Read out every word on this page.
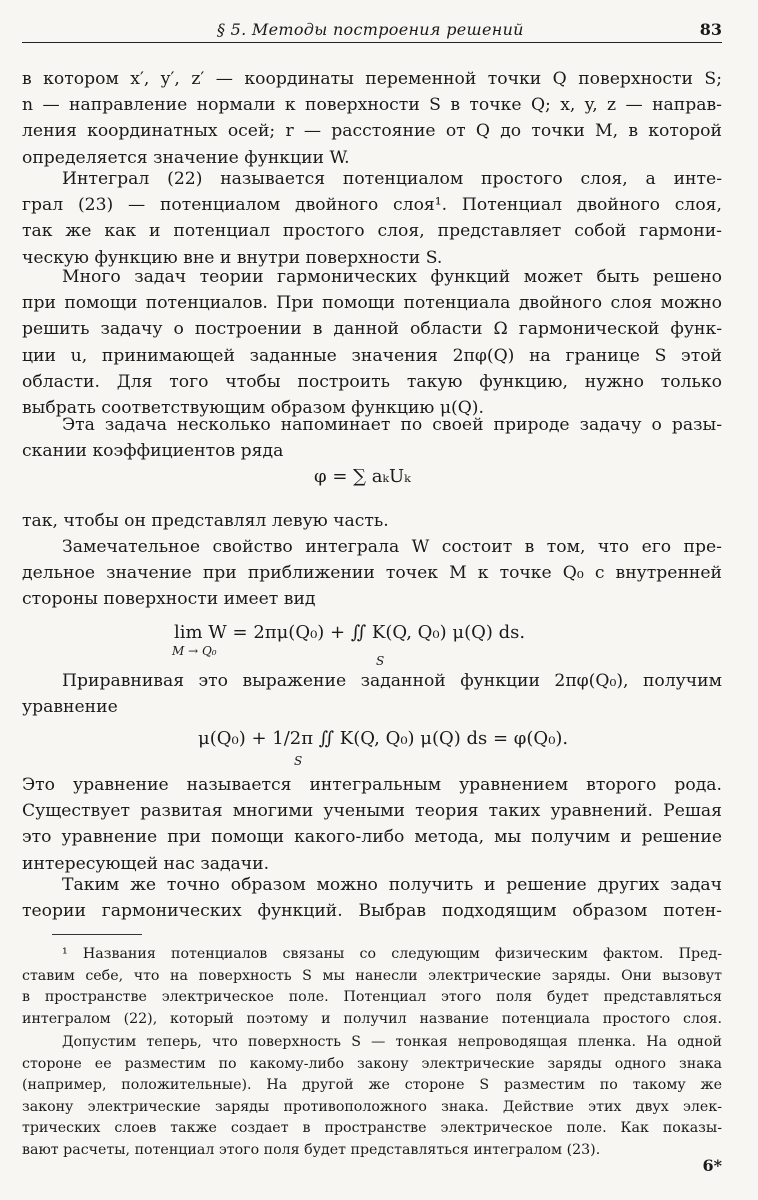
§ 5. Методы построения решений	83
в котором x′, y′, z′ — координаты переменной точки Q поверхности S;
n — направление нормали к поверхности S в точке Q; x, y, z — направ-
ления координатных осей; r — расстояние от Q до точки M, в которой
определяется значение функции W.
Интеграл (22) называется потенциалом простого слоя, а инте-
грал (23) — потенциалом двойного слоя¹. Потенциал двойного слоя,
так же как и потенциал простого слоя, представляет собой гармони-
ческую функцию вне и внутри поверхности S.
Много задач теории гармонических функций может быть решено
при помощи потенциалов. При помощи потенциала двойного слоя можно
решить задачу о построении в данной области Ω гармонической функ-
ции u, принимающей заданные значения 2πφ(Q) на границе S этой
области. Для того чтобы построить такую функцию, нужно только
выбрать соответствующим образом функцию μ(Q).
Эта задача несколько напоминает по своей природе задачу о разы-
скании коэффициентов ряда
φ = ∑ aₖUₖ
так, чтобы он представлял левую часть.
Замечательное свойство интеграла W состоит в том, что его пре-
дельное значение при приближении точек M к точке Q₀ с внутренней
стороны поверхности имеет вид
lim W = 2πμ(Q₀) + ∬ K(Q, Q₀) μ(Q) ds.
M → Q₀
S
Приравнивая это выражение заданной функции 2πφ(Q₀), получим
уравнение
μ(Q₀) + 1/2π ∬ K(Q, Q₀) μ(Q) ds = φ(Q₀).
S
Это уравнение называется интегральным уравнением второго рода.
Существует развитая многими учеными теория таких уравнений. Решая
это уравнение при помощи какого-либо метода, мы получим и решение
интересующей нас задачи.
Таким же точно образом можно получить и решение других задач
теории гармонических функций. Выбрав подходящим образом потен-
¹ Названия потенциалов связаны со следующим физическим фактом. Пред-
ставим себе, что на поверхность S мы нанесли электрические заряды. Они вызовут
в пространстве электрическое поле. Потенциал этого поля будет представляться
интегралом (22), который поэтому и получил название потенциала простого слоя.
Допустим теперь, что поверхность S — тонкая непроводящая пленка. На одной
стороне ее разместим по какому-либо закону электрические заряды одного знака
(например, положительные). На другой же стороне S разместим по такому же
закону электрические заряды противоположного знака. Действие этих двух элек-
трических слоев также создает в пространстве электрическое поле. Как показы-
вают расчеты, потенциал этого поля будет представляться интегралом (23).
6*
